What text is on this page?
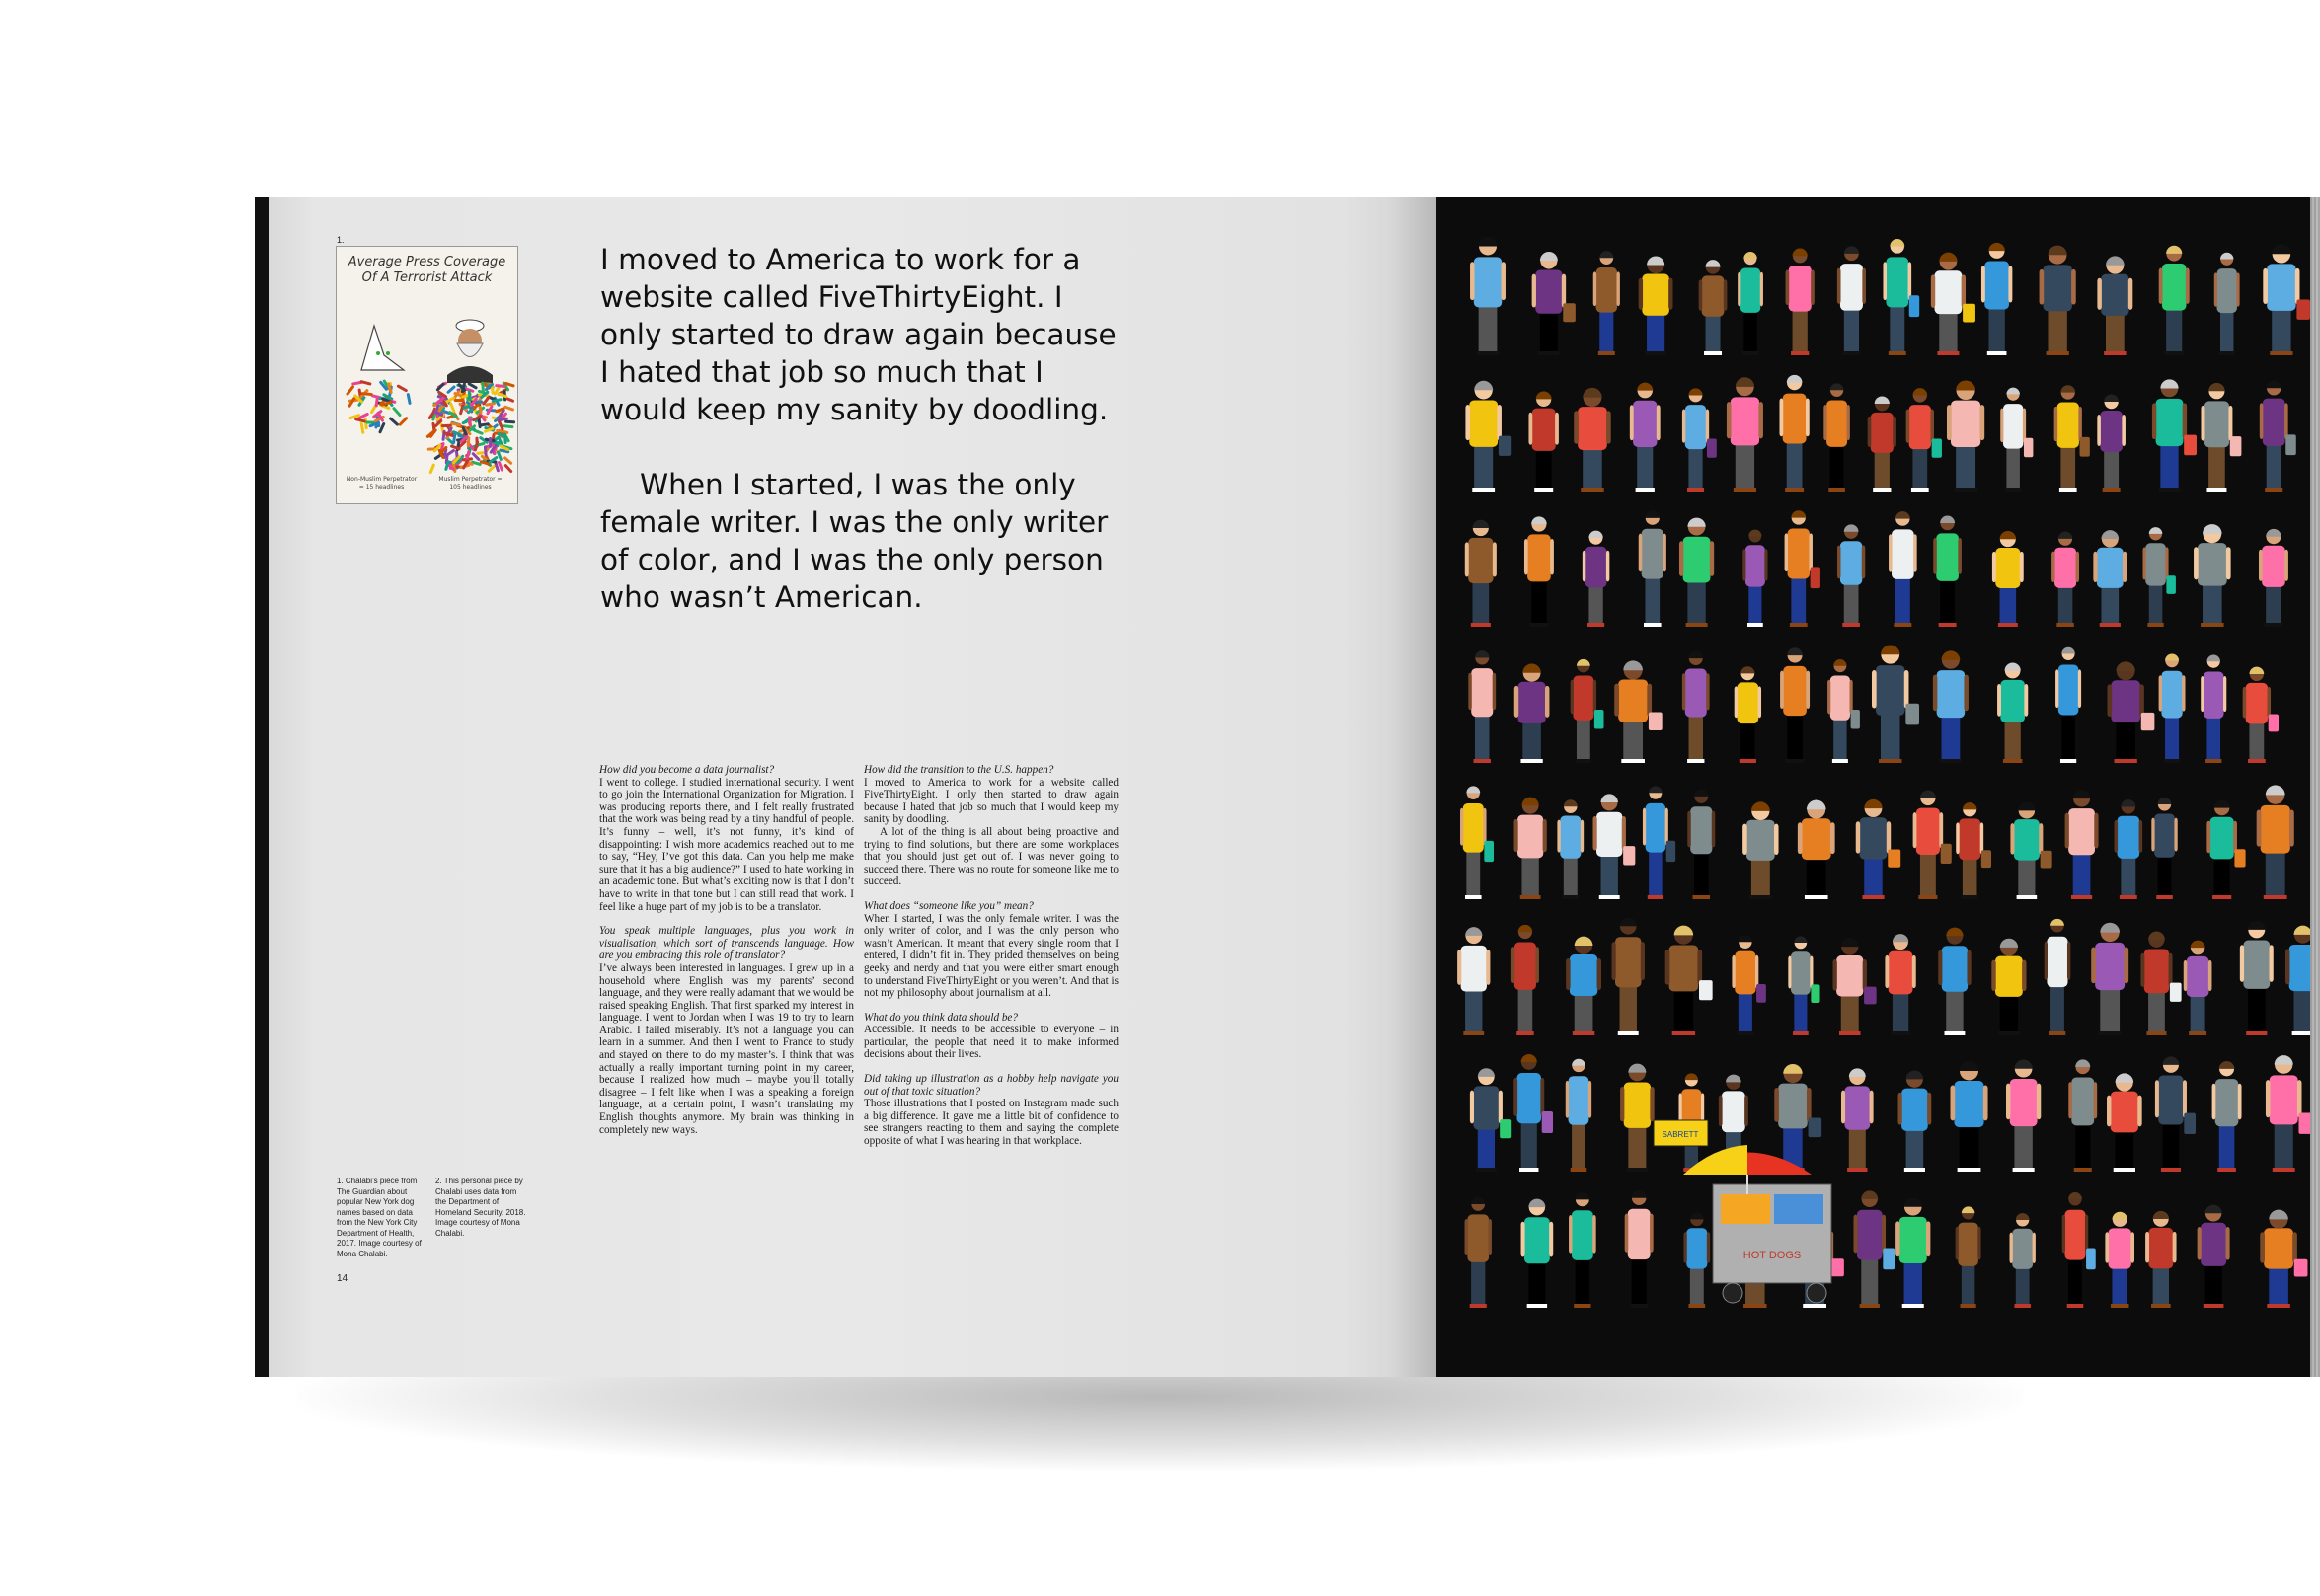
HOT DOGS
SABRETT
1.
Average Press Coverage
Of A Terrorist Attack
Non-Muslim Perpetrator = 15 headlines
Muslim Perpetrator = 105 headlines

I moved to America to work for a website called FiveThirtyEight. I only started to draw again because I hated that job so much that I would keep my sanity by doodling.

When I started, I was the only female writer. I was the only writer of color, and I was the only person who wasn’t American.

How did you become a data journalist?

I went to college. I studied international security. I went to go join the International Organization for Migration. I was producing reports there, and I felt really frustrated that the work was being read by a tiny handful of people. It’s funny – well, it’s not funny, it’s kind of disappointing: I wish more academics reached out to me to say, “Hey, I’ve got this data. Can you help me make sure that it has a big audience?” I used to hate working in an academic tone. But what’s exciting now is that I don’t have to write in that tone but I can still read that work. I feel like a huge part of my job is to be a translator.

You speak multiple languages, plus you work in visualisation, which sort of transcends language. How are you embracing this role of translator?

I’ve always been interested in languages. I grew up in a household where English was my parents’ second language, and they were really adamant that we would be raised speaking English. That first sparked my interest in language. I went to Jordan when I was 19 to try to learn Arabic. I failed miserably. It’s not a language you can learn in a summer. And then I went to France to study and stayed on there to do my master’s. I think that was actually a really important turning point in my career, because I realized how much – maybe you’ll totally disagree – I felt like when I was a speaking a foreign language, at a certain point, I wasn’t translating my English thoughts anymore. My brain was thinking in completely new ways.

How did the transition to the U.S. happen?

I moved to America to work for a website called FiveThirtyEight. I only then started to draw again because I hated that job so much that I would keep my sanity by doodling.

A lot of the thing is all about being proactive and trying to find solutions, but there are some workplaces that you should just get out of. I was never going to succeed there. There was no route for someone like me to succeed.

What does “someone like you” mean?

When I started, I was the only female writer. I was the only writer of color, and I was the only person who wasn’t American. It meant that every single room that I entered, I didn’t fit in. They prided themselves on being geeky and nerdy and that you were either smart enough to understand FiveThirtyEight or you weren’t. And that is not my philosophy about journalism at all.

What do you think data should be?

Accessible. It needs to be accessible to everyone – in particular, the people that need it to make informed decisions about their lives.

Did taking up illustration as a hobby help navigate you out of that toxic situation?

Those illustrations that I posted on Instagram made such a big difference. It gave me a little bit of confidence to see strangers reacting to them and saying the complete opposite of what I was hearing in that workplace.

1. Chalabi’s piece from The Guardian about popular New York dog names based on data from the New York City Department of Health, 2017. Image courtesy of Mona Chalabi.
2. This personal piece by Chalabi uses data from the Department of Homeland Security, 2018. Image courtesy of Mona Chalabi.
14
